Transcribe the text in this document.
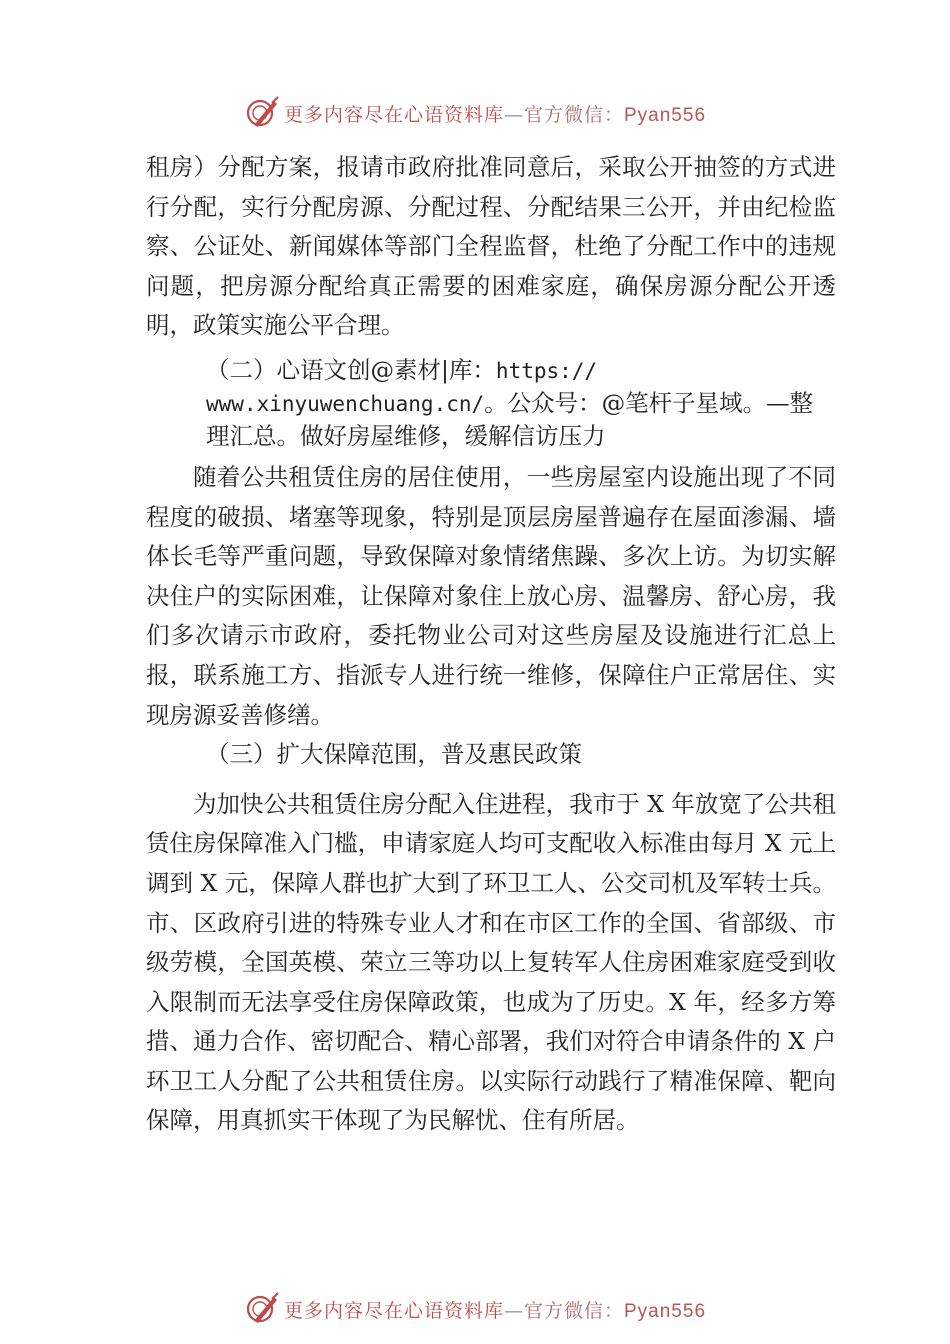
更多内容尽在心语资料库—官方微信：Pyan556

租房）分配方案，报请市政府批准同意后，采取公开抽签的方式进行分配，实行分配房源、分配过程、分配结果三公开，并由纪检监察、公证处、新闻媒体等部门全程监督，杜绝了分配工作中的违规问题，把房源分配给真正需要的困难家庭，确保房源分配公开透明，政策实施公平合理。

（二）心语文创@素材|库：https://
www.xinyuwenchuang.cn/。公众号：@笔杆子星域。—整理汇总。做好房屋维修，缓解信访压力

随着公共租赁住房的居住使用，一些房屋室内设施出现了不同程度的破损、堵塞等现象，特别是顶层房屋普遍存在屋面渗漏、墙体长毛等严重问题，导致保障对象情绪焦躁、多次上访。为切实解决住户的实际困难，让保障对象住上放心房、温馨房、舒心房，我们多次请示市政府，委托物业公司对这些房屋及设施进行汇总上报，联系施工方、指派专人进行统一维修，保障住户正常居住、实现房源妥善修缮。

（三）扩大保障范围，普及惠民政策

为加快公共租赁住房分配入住进程，我市于 X 年放宽了公共租赁住房保障准入门槛，申请家庭人均可支配收入标准由每月 X 元上调到 X 元，保障人群也扩大到了环卫工人、公交司机及军转士兵。市、区政府引进的特殊专业人才和在市区工作的全国、省部级、市级劳模，全国英模、荣立三等功以上复转军人住房困难家庭受到收入限制而无法享受住房保障政策，也成为了历史。X 年，经多方筹措、通力合作、密切配合、精心部署，我们对符合申请条件的 X 户环卫工人分配了公共租赁住房。以实际行动践行了精准保障、靶向保障，用真抓实干体现了为民解忧、住有所居。

更多内容尽在心语资料库—官方微信：Pyan556
